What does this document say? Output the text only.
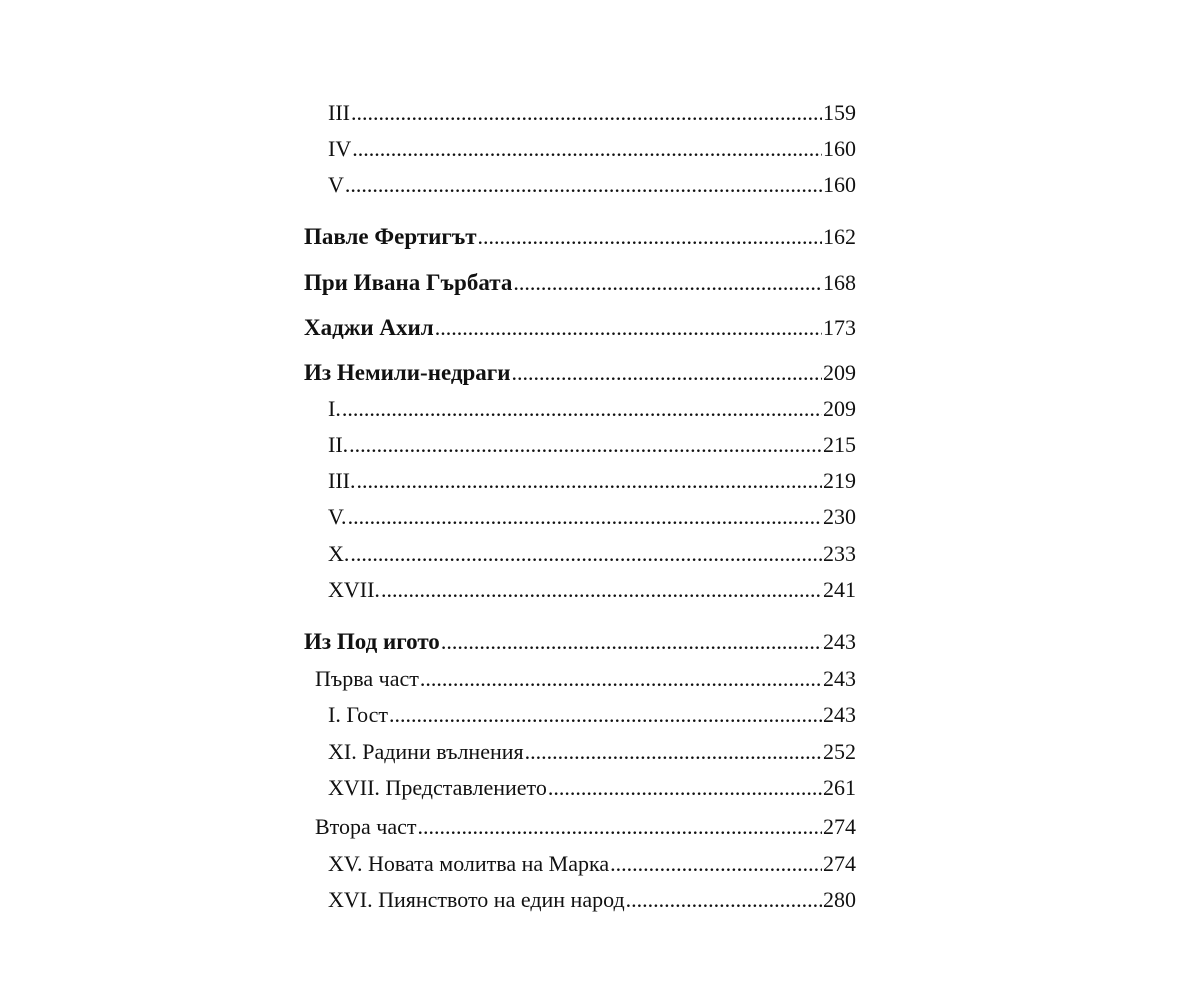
III .....	159
IV .....	160
V .....	160
Павле Фертигът .....	162
При Ивана Гърбата .....	168
Хаджи Ахил .....	173
Из Немили-недраги .....	209
I. .....	209
II. .....	215
III. .....	219
V. .....	230
X. .....	233
XVII. .....	241
Из Под игото .....	243
Първа част .....	243
I. Гост .....	243
XI. Радини вълнения .....	252
XVII. Представлението .....	261
Втора част .....	274
XV. Новата молитва на Марка .....	274
XVI. Пиянството на един народ .....	280
